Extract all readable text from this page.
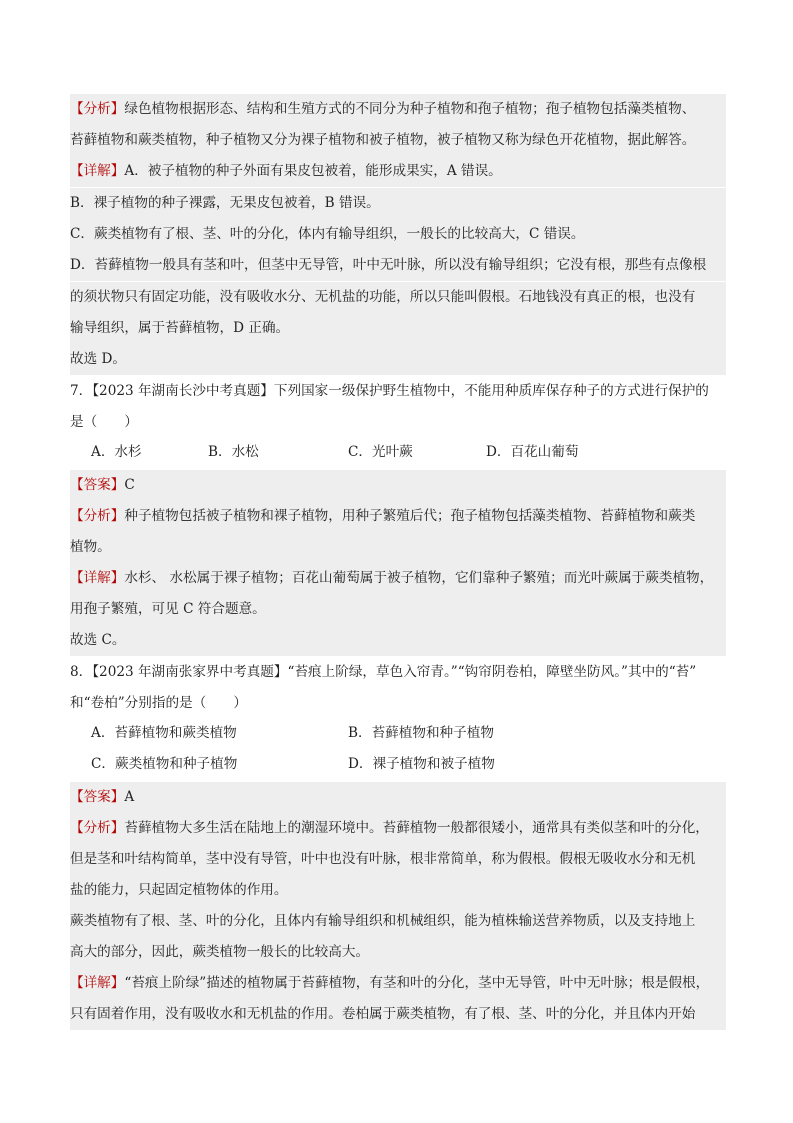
【分析】绿色植物根据形态、结构和生殖方式的不同分为种子植物和孢子植物；孢子植物包括藻类植物、
苔藓植物和蕨类植物，种子植物又分为裸子植物和被子植物，被子植物又称为绿色开花植物，据此解答。
【详解】A．被子植物的种子外面有果皮包被着，能形成果实，A 错误。
B．裸子植物的种子裸露，无果皮包被着，B 错误。
C．蕨类植物有了根、茎、叶的分化，体内有输导组织，一般长的比较高大，C 错误。
D．苔藓植物一般具有茎和叶，但茎中无导管，叶中无叶脉，所以没有输导组织；它没有根，那些有点像根
的须状物只有固定功能，没有吸收水分、无机盐的功能，所以只能叫假根。石地钱没有真正的根，也没有
输导组织，属于苔藓植物，D 正确。
故选 D。
7．【2023 年湖南长沙中考真题】下列国家一级保护野生植物中，不能用种质库保存种子的方式进行保护的
是（　　）
A．水杉	B．水松	C．光叶蕨	D．百花山葡萄
【答案】C
【分析】种子植物包括被子植物和裸子植物，用种子繁殖后代；孢子植物包括藻类植物、苔藓植物和蕨类
植物。
【详解】水杉、 水松属于裸子植物；百花山葡萄属于被子植物，它们靠种子繁殖；而光叶蕨属于蕨类植物，
用孢子繁殖，可见 C 符合题意。
故选 C。
8．【2023 年湖南张家界中考真题】“苔痕上阶绿，草色入帘青。”“钩帘阴卷柏，障壁坐防风。”其中的“苔”
和“卷柏”分别指的是（　　）
A．苔藓植物和蕨类植物	B．苔藓植物和种子植物
C．蕨类植物和种子植物	D．裸子植物和被子植物
【答案】A
【分析】苔藓植物大多生活在陆地上的潮湿环境中。苔藓植物一般都很矮小，通常具有类似茎和叶的分化，
但是茎和叶结构简单，茎中没有导管，叶中也没有叶脉，根非常简单，称为假根。假根无吸收水分和无机
盐的能力，只起固定植物体的作用。
蕨类植物有了根、茎、叶的分化，且体内有输导组织和机械组织，能为植株输送营养物质，以及支持地上
高大的部分，因此，蕨类植物一般长的比较高大。
【详解】“苔痕上阶绿”描述的植物属于苔藓植物，有茎和叶的分化，茎中无导管，叶中无叶脉；根是假根，
只有固着作用，没有吸收水和无机盐的作用。卷柏属于蕨类植物，有了根、茎、叶的分化，并且体内开始
